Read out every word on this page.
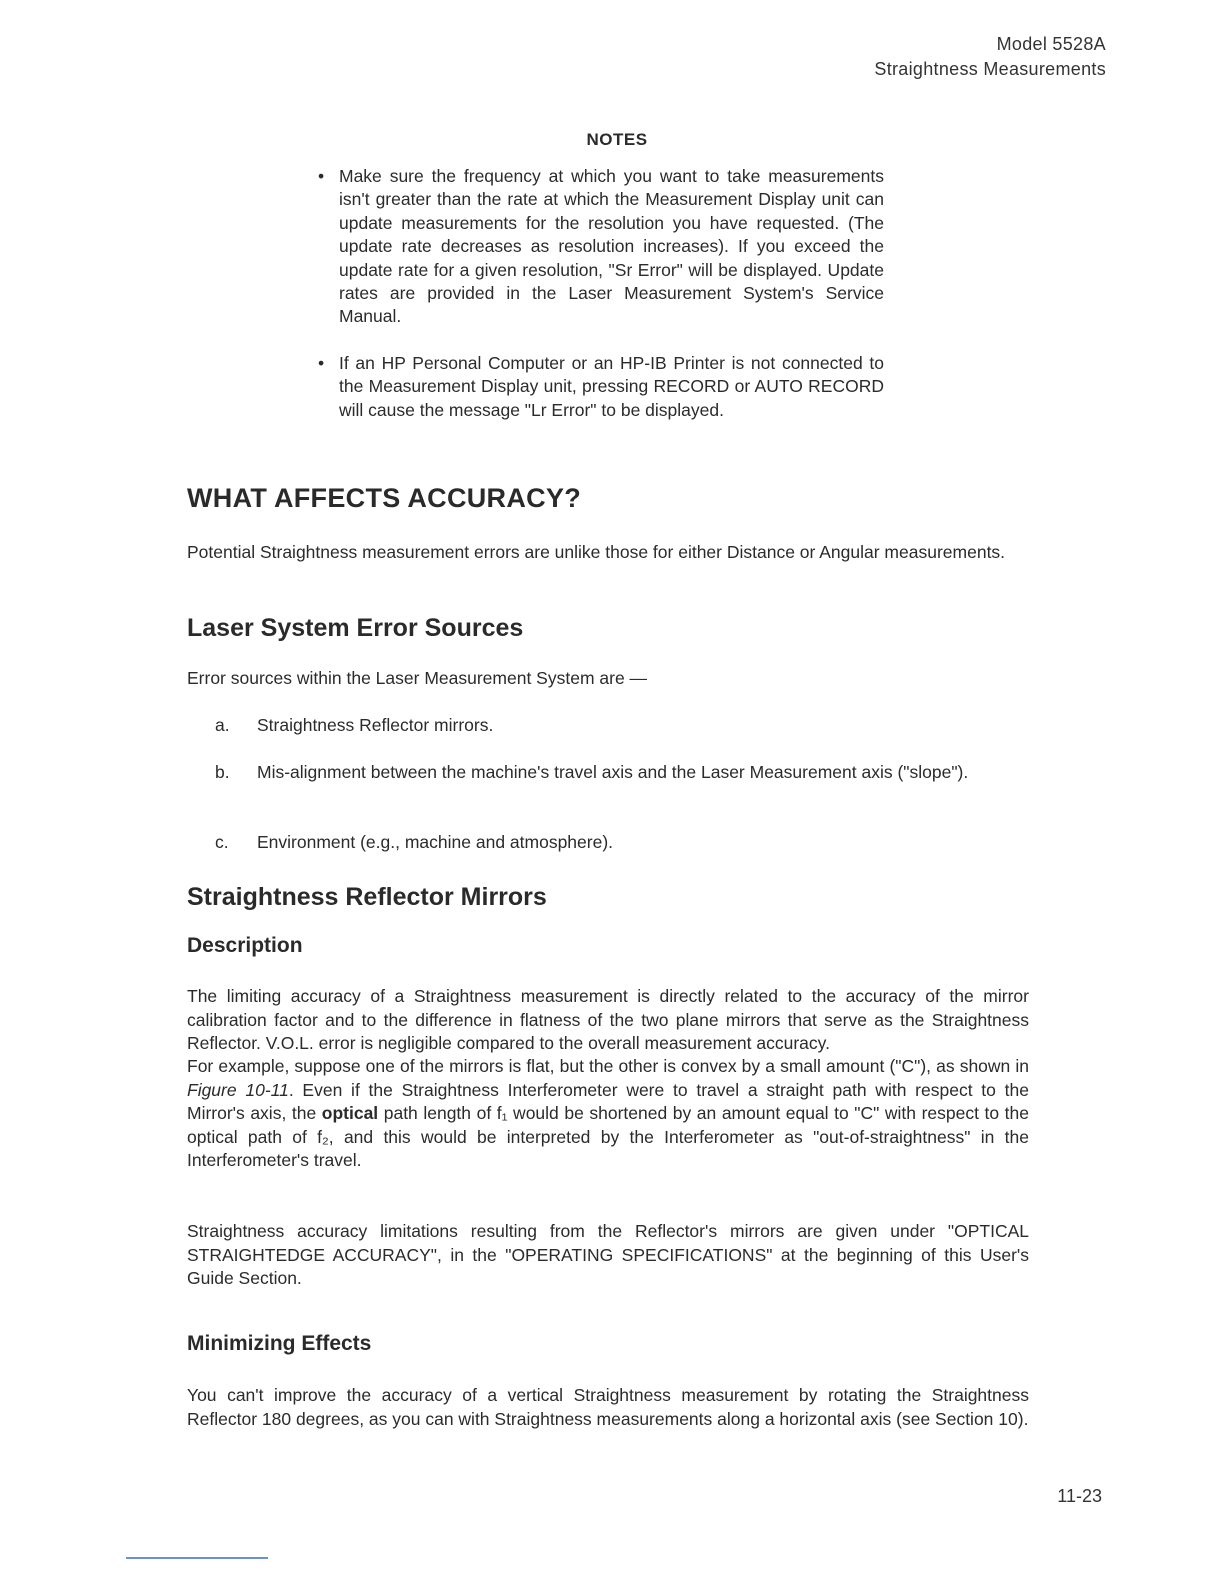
Model 5528A
Straightness Measurements
NOTES
• Make sure the frequency at which you want to take measurements isn't greater than the rate at which the Measurement Display unit can update measurements for the resolution you have requested. (The update rate decreases as resolution increases). If you exceed the update rate for a given resolution, "Sr Error" will be displayed. Update rates are provided in the Laser Measurement System's Service Manual.
• If an HP Personal Computer or an HP-IB Printer is not connected to the Measurement Display unit, pressing RECORD or AUTO RECORD will cause the message "Lr Error" to be displayed.
WHAT AFFECTS ACCURACY?
Potential Straightness measurement errors are unlike those for either Distance or Angular measurements.
Laser System Error Sources
Error sources within the Laser Measurement System are —
a.	Straightness Reflector mirrors.
b.	Mis-alignment between the machine's travel axis and the Laser Measurement axis ("slope").
c.	Environment (e.g., machine and atmosphere).
Straightness Reflector Mirrors
Description
The limiting accuracy of a Straightness measurement is directly related to the accuracy of the mirror calibration factor and to the difference in flatness of the two plane mirrors that serve as the Straightness Reflector. V.O.L. error is negligible compared to the overall measurement accuracy.
For example, suppose one of the mirrors is flat, but the other is convex by a small amount ("C"), as shown in Figure 10-11. Even if the Straightness Interferometer were to travel a straight path with respect to the Mirror's axis, the optical path length of f₁ would be shortened by an amount equal to "C" with respect to the optical path of f₂, and this would be interpreted by the Interferometer as "out-of-straightness" in the Interferometer's travel.
Straightness accuracy limitations resulting from the Reflector's mirrors are given under "OPTICAL STRAIGHTEDGE ACCURACY", in the "OPERATING SPECIFICATIONS" at the beginning of this User's Guide Section.
Minimizing Effects
You can't improve the accuracy of a vertical Straightness measurement by rotating the Straightness Reflector 180 degrees, as you can with Straightness measurements along a horizontal axis (see Section 10).
11-23
